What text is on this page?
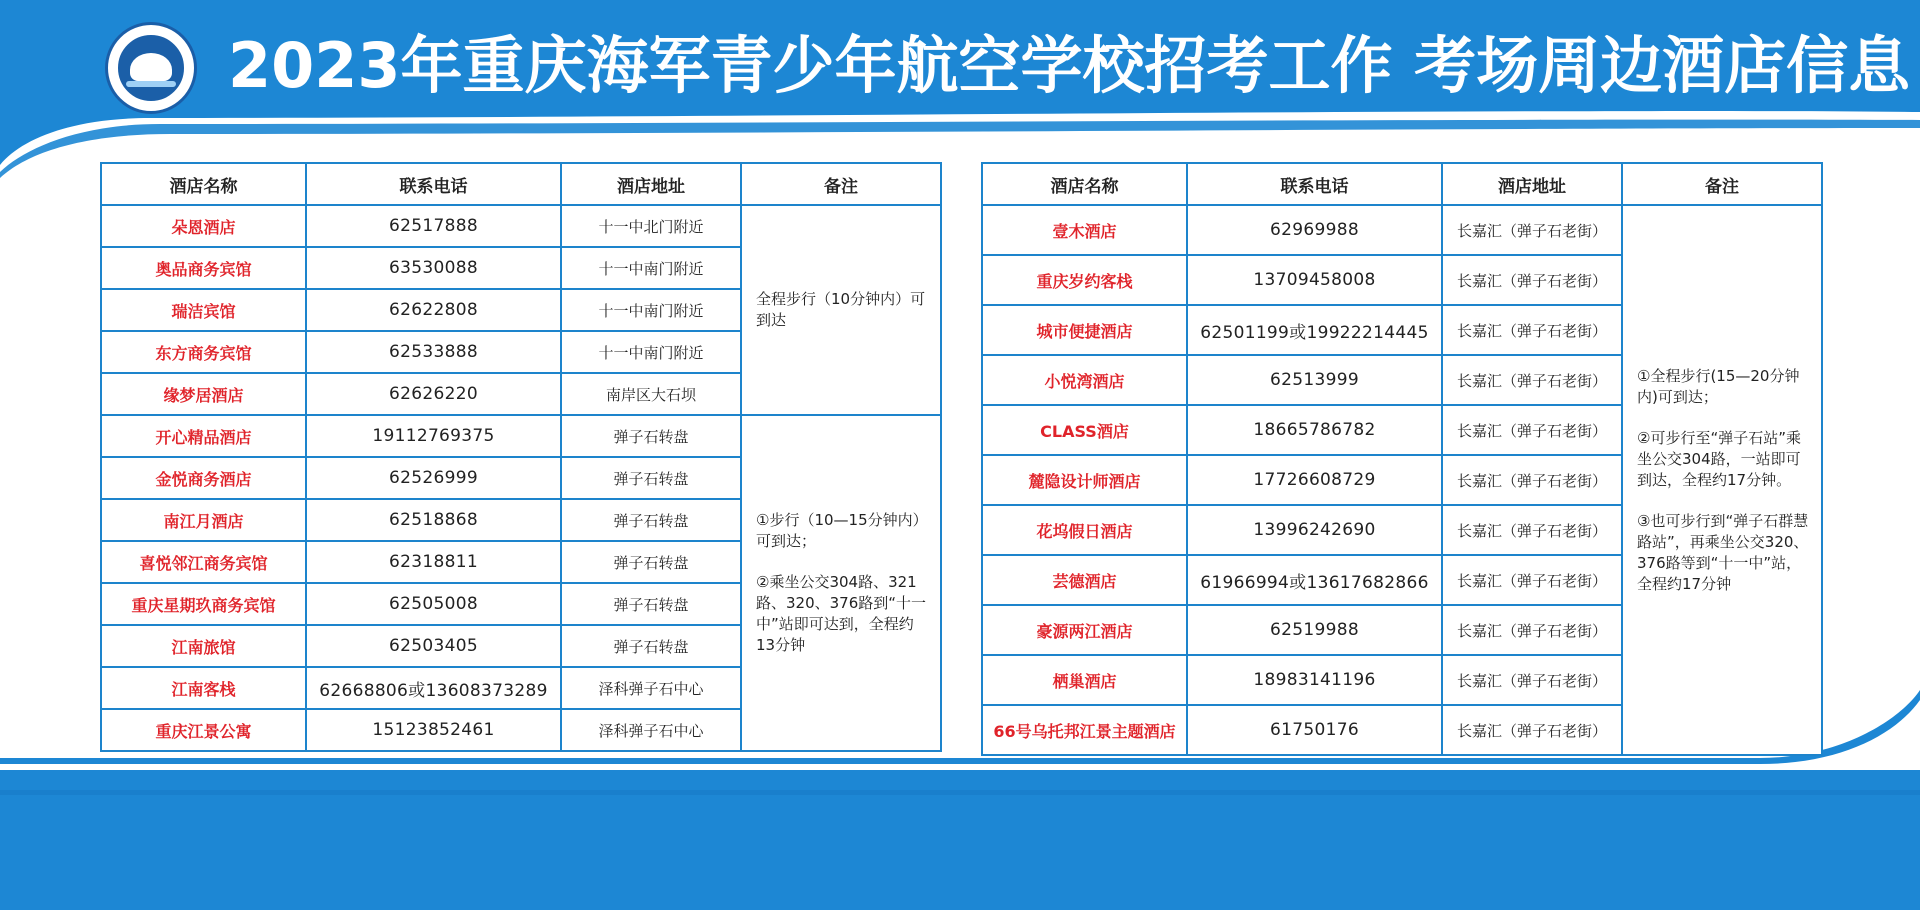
2023年重庆海军青少年航空学校招考工作 考场周边酒店信息
酒店名称	联系电话	酒店地址	备注
朵恩酒店	62517888	十一中北门附近	全程步行（10分钟内）可到达

奥品商务宾馆	63530088	十一中南门附近	
瑞洁宾馆	62622808	十一中南门附近	
东方商务宾馆	62533888	十一中南门附近	
缘梦居酒店	62626220	南岸区大石坝	
开心精品酒店	19112769375	弹子石转盘	①步行（10—15分钟内）可到达；

②乘坐公交304路、321路、320、376路到“十一中”站即可达到，全程约13分钟

金悦商务酒店	62526999	弹子石转盘	
南江月酒店	62518868	弹子石转盘	
喜悦邻江商务宾馆	62318811	弹子石转盘	
重庆星期玖商务宾馆	62505008	弹子石转盘	
江南旅馆	62503405	弹子石转盘	
江南客栈	62668806或13608373289	泽科弹子石中心	
重庆江景公寓	15123852461	泽科弹子石中心	
酒店名称	联系电话	酒店地址	备注
壹木酒店	62969988	长嘉汇（弹子石老街）	①全程步行(15—20分钟内)可到达；

②可步行至“弹子石站”乘坐公交304路，一站即可到达，全程约17分钟。

③也可步行到“弹子石群慧路站”，再乘坐公交320、376路等到“十一中”站，全程约17分钟

重庆岁约客栈	13709458008	长嘉汇（弹子石老街）	
城市便捷酒店	62501199或19922214445	长嘉汇（弹子石老街）	
小悦湾酒店	62513999	长嘉汇（弹子石老街）	
CLASS酒店	18665786782	长嘉汇（弹子石老街）	
麓隐设计师酒店	17726608729	长嘉汇（弹子石老街）	
花坞假日酒店	13996242690	长嘉汇（弹子石老街）	
芸德酒店	61966994或13617682866	长嘉汇（弹子石老街）	
豪源两江酒店	62519988	长嘉汇（弹子石老街）	
栖巢酒店	18983141196	长嘉汇（弹子石老街）	
66号乌托邦江景主题酒店	61750176	长嘉汇（弹子石老街）	
